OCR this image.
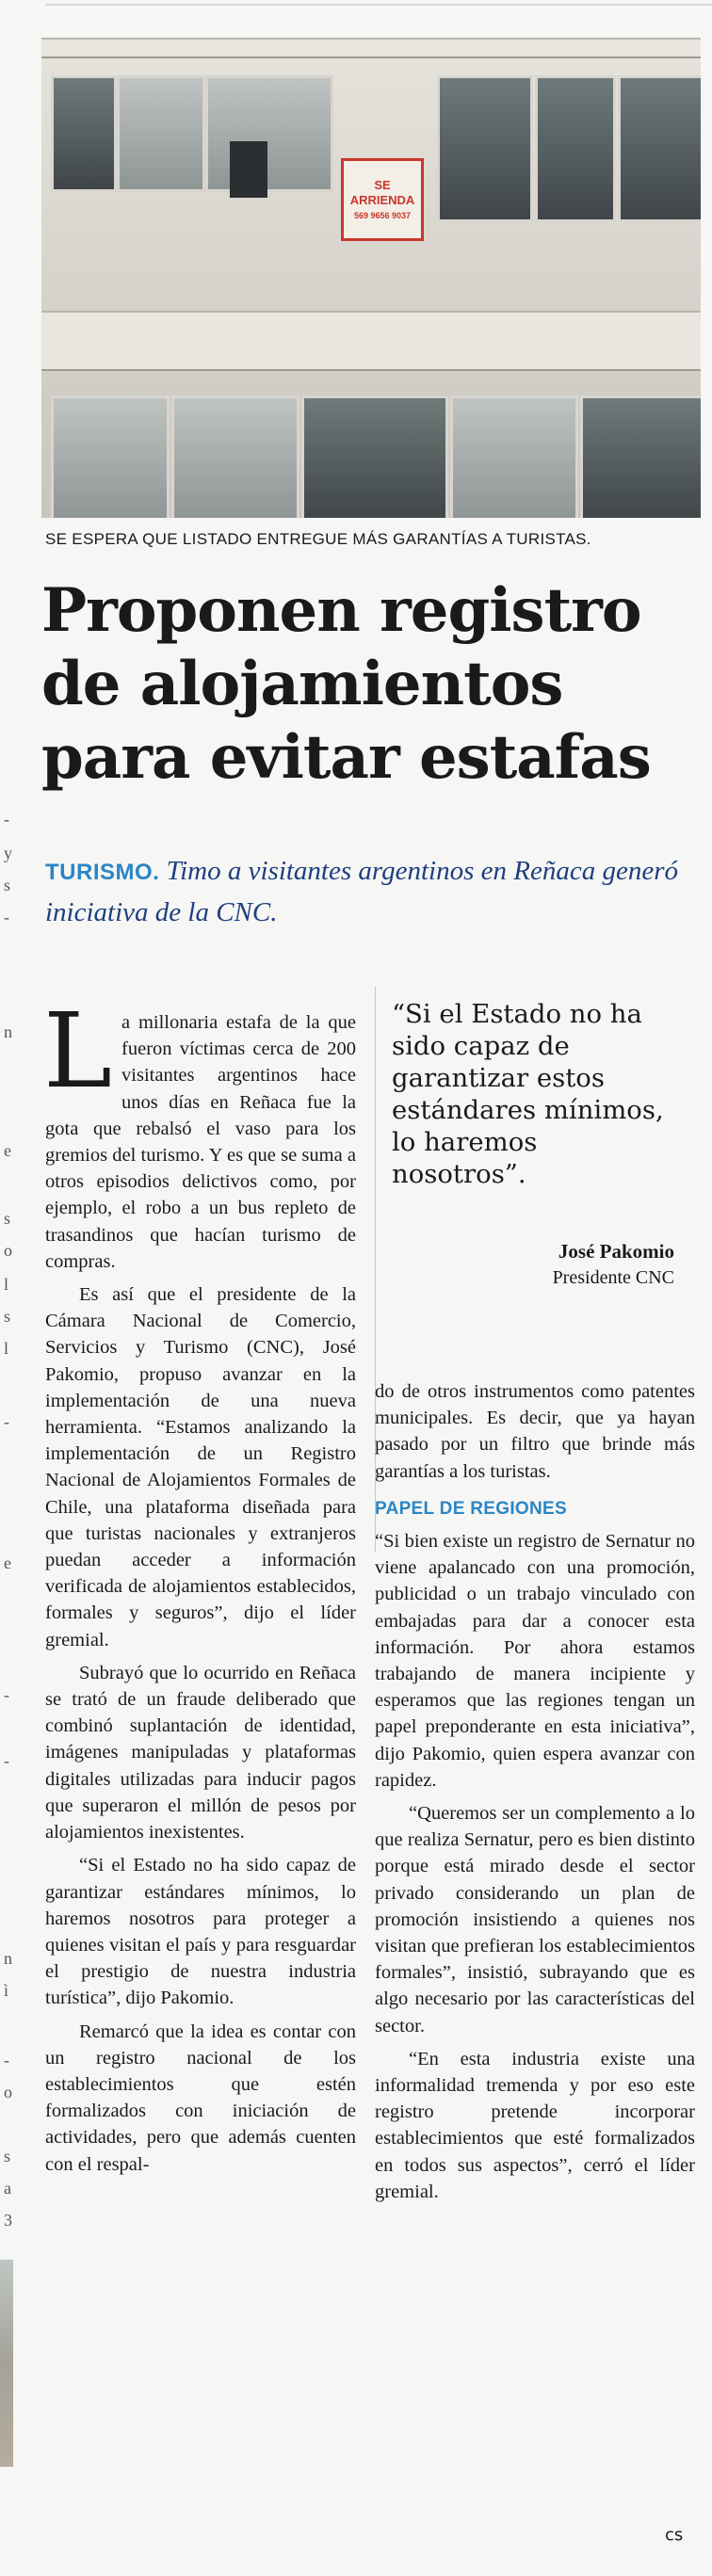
-
y
s
-
n
e
s
o
l
s
l
-
e
-
-
n
ì
-
o
s
a
3
SE
ARRIENDA
569 9656 9037
SE ESPERA QUE LISTADO ENTREGUE MÁS GARANTÍAS A TURISTAS.
Proponen registro
de alojamientos
para evitar estafas
TURISMO. Timo a visitantes argentinos en Reñaca generó iniciativa de la CNC.

La millonaria estafa de la que fueron víctimas cerca de 200 visitantes argentinos hace unos días en Reñaca fue la gota que rebalsó el vaso para los gremios del turismo. Y es que se suma a otros episodios delictivos como, por ejemplo, el robo a un bus repleto de trasandinos que hacían turismo de compras.

Es así que el presidente de la Cámara Nacional de Comercio, Servicios y Turismo (CNC), José Pakomio, propuso avanzar en la implementación de una nueva herramienta. “Estamos analizando la implementación de un Registro Nacional de Alojamientos Formales de Chile, una plataforma diseñada para que turistas nacionales y extranjeros puedan acceder a información verificada de alojamientos establecidos, formales y seguros”, dijo el líder gremial.

Subrayó que lo ocurrido en Reñaca se trató de un fraude deliberado que combinó suplantación de identidad, imágenes manipuladas y plataformas digitales utilizadas para inducir pagos que superaron el millón de pesos por alojamientos inexistentes.

“Si el Estado no ha sido capaz de garantizar estándares mínimos, lo haremos nosotros para proteger a quienes visitan el país y para resguardar el prestigio de nuestra industria turística”, dijo Pakomio.

Remarcó que la idea es contar con un registro nacional de los establecimientos que estén formalizados con iniciación de actividades, pero que además cuenten con el respal-

“Si el Estado no ha sido capaz de garantizar estos estándares mínimos, lo haremos nosotros”.
José Pakomio
Presidente CNC

do de otros instrumentos como patentes municipales. Es decir, que ya hayan pasado por un filtro que brinde más garantías a los turistas.

PAPEL DE REGIONES

“Si bien existe un registro de Sernatur no viene apalancado con una promoción, publicidad o un trabajo vinculado con embajadas para dar a conocer esta información. Por ahora estamos trabajando de manera incipiente y esperamos que las regiones tengan un papel preponderante en esta iniciativa”, dijo Pakomio, quien espera avanzar con rapidez.

“Queremos ser un complemento a lo que realiza Sernatur, pero es bien distinto porque está mirado desde el sector privado considerando un plan de promoción insistiendo a quienes nos visitan que prefieran los establecimientos formales”, insistió, subrayando que es algo necesario por las características del sector.

“En esta industria existe una informalidad tremenda y por eso este registro pretende incorporar establecimientos que esté formalizados en todos sus aspectos”, cerró el líder gremial.

cs
